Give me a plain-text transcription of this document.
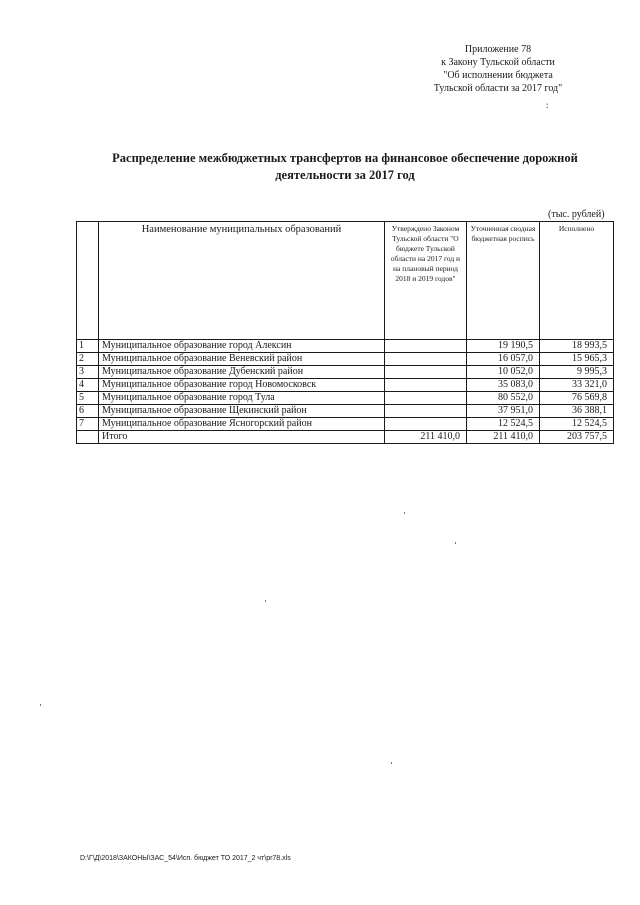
Приложение 78
к Закону Тульской области
"Об исполнении бюджета
Тульской области за 2017 год"
:
Распределение межбюджетных трансфертов на финансовое обеспечение дорожной
деятельности за 2017 год
(тыс. рублей)
	Наименование муниципальных образований	Утверждено Законом Тульской области "О бюджете Тульской области на 2017 год и на плановый период 2018 и 2019 годов"	Уточненная сводная бюджетная роспись	Исполнено
1	Муниципальное образование город Алексин		19 190,5	18 993,5
2	Муниципальное образование Веневский район		16 057,0	15 965,3
3	Муниципальное образование Дубенский район		10 052,0	9 995,3
4	Муниципальное образование город Новомосковск		35 083,0	33 321,0
5	Муниципальное образование город Тула		80 552,0	76 569,8
6	Муниципальное образование Щекинский район		37 951,0	36 388,1
7	Муниципальное образование Ясногорский район		12 524,5	12 524,5
	Итого	211 410,0	211 410,0	203 757,5
D:\Г\Д\2018\ЗАКОНЫ\ЗАС_54\Исп. бюджет ТО 2017_2 чт\pr78.xls
